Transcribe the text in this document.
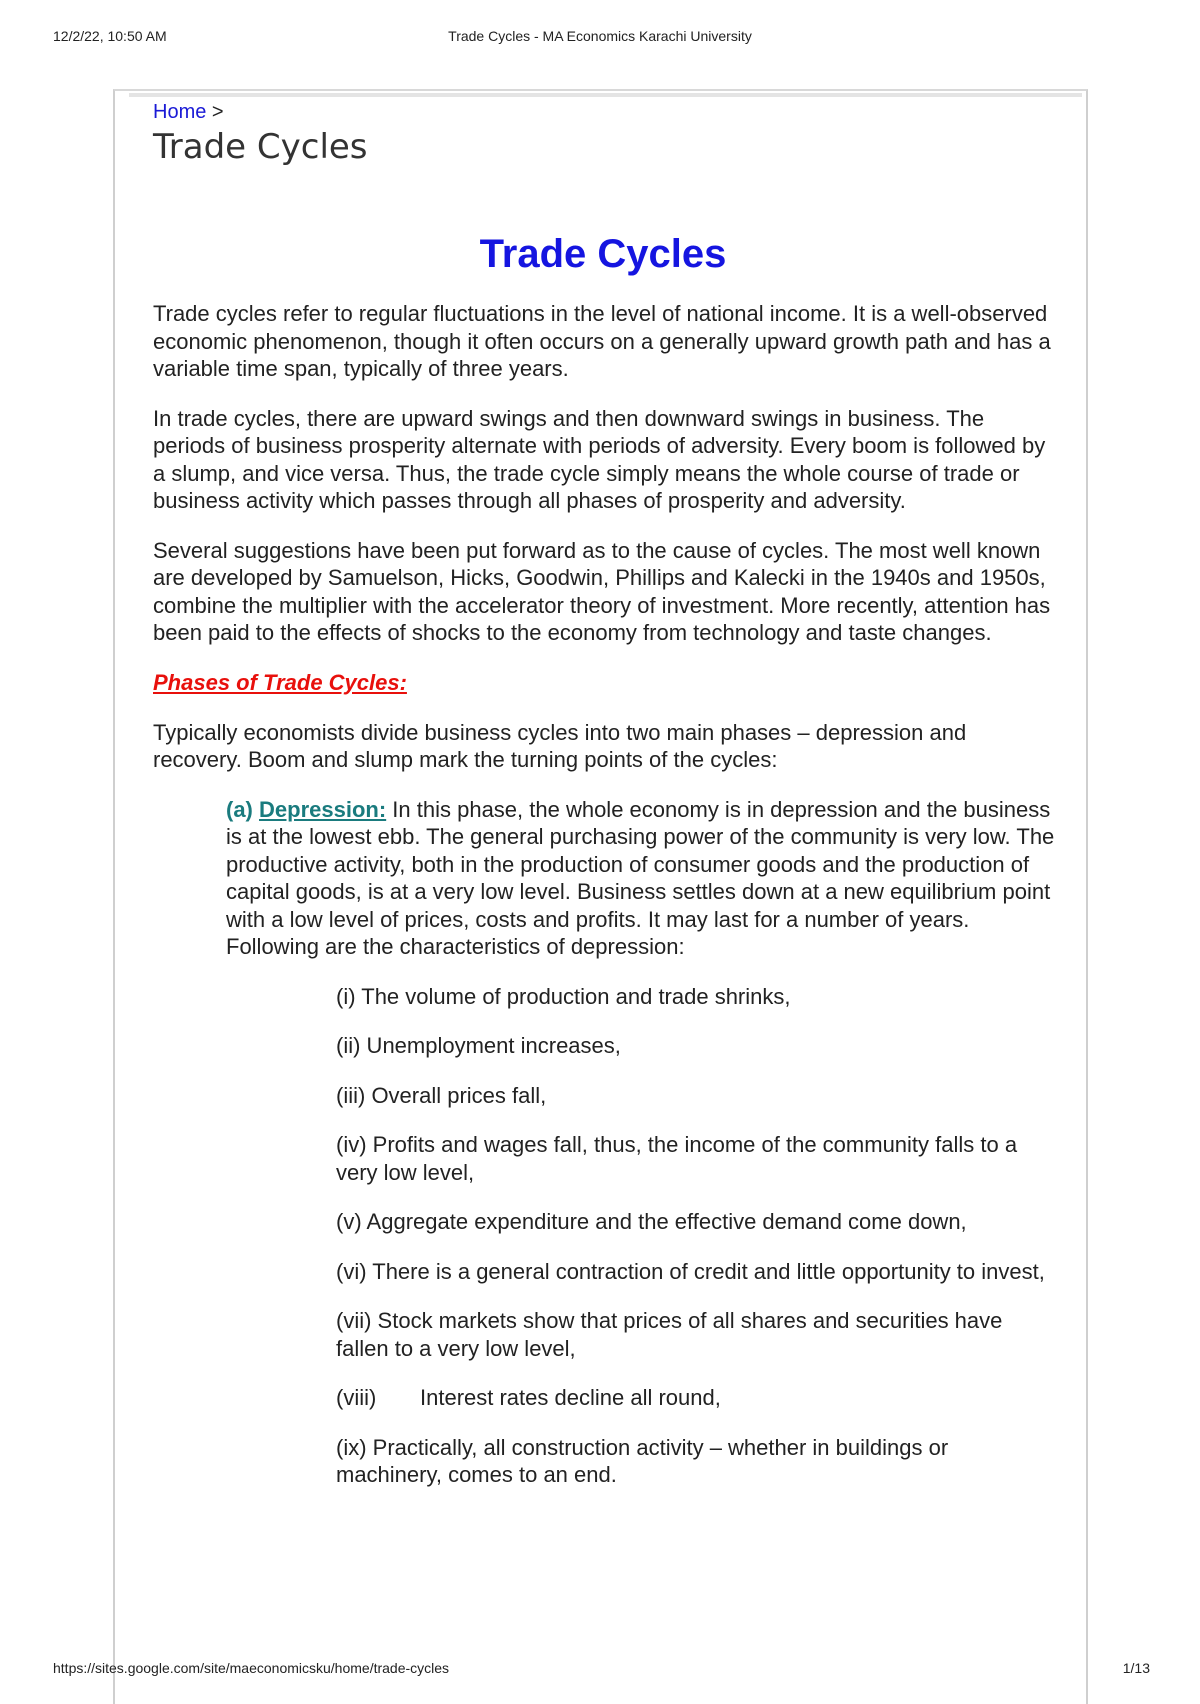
12/2/22, 10:50 AM	Trade Cycles - MA Economics Karachi University
Home >
Trade Cycles
Trade Cycles

Trade cycles refer to regular fluctuations in the level of national income. It is a well-observed economic phenomenon, though it often occurs on a generally upward growth path and has a variable time span, typically of three years.

In trade cycles, there are upward swings and then downward swings in business. The periods of business prosperity alternate with periods of adversity. Every boom is followed by a slump, and vice versa. Thus, the trade cycle simply means the whole course of trade or business activity which passes through all phases of prosperity and adversity.

Several suggestions have been put forward as to the cause of cycles. The most well known are developed by Samuelson, Hicks, Goodwin, Phillips and Kalecki in the 1940s and 1950s, combine the multiplier with the accelerator theory of investment. More recently, attention has been paid to the effects of shocks to the economy from technology and taste changes.

Phases of Trade Cycles:

Typically economists divide business cycles into two main phases – depression and recovery. Boom and slump mark the turning points of the cycles:

(a) Depression: In this phase, the whole economy is in depression and the business is at the lowest ebb. The general purchasing power of the community is very low. The productive activity, both in the production of consumer goods and the production of capital goods, is at a very low level. Business settles down at a new equilibrium point with a low level of prices, costs and profits. It may last for a number of years. Following are the characteristics of depression:

(i) The volume of production and trade shrinks,

(ii) Unemployment increases,

(iii) Overall prices fall,

(iv) Profits and wages fall, thus, the income of the community falls to a very low level,

(v) Aggregate expenditure and the effective demand come down,

(vi) There is a general contraction of credit and little opportunity to invest,

(vii) Stock markets show that prices of all shares and securities have fallen to a very low level,

(viii) Interest rates decline all round,

(ix) Practically, all construction activity – whether in buildings or machinery, comes to an end.

https://sites.google.com/site/maeconomicsku/home/trade-cycles	1/13
